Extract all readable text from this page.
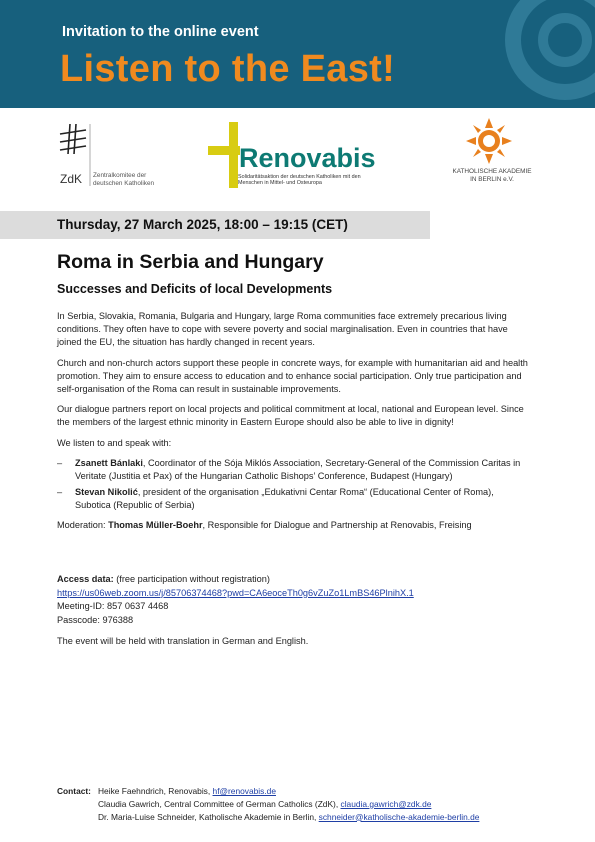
Invitation to the online event
Listen to the East!
ZdK Zentralkomitee der deutschen Katholiken
Renovabis
Solidaritätsaktion der deutschen Katholiken mit den Menschen in Mittel- und Osteuropa
KATHOLISCHE AKADEMIE
IN BERLIN e.V.
Thursday, 27 March 2025, 18:00 – 19:15 (CET)
Roma in Serbia and Hungary
Successes and Deficits of local Developments

In Serbia, Slovakia, Romania, Bulgaria and Hungary, large Roma communities face extremely precarious living conditions. They often have to cope with severe poverty and social marginalisation. Even in countries that have joined the EU, the situation has hardly changed in recent years.

Church and non-church actors support these people in concrete ways, for example with humanitarian aid and health promotion. They aim to ensure access to education and to enhance social participation. Only true participation and self-organisation of the Roma can result in sustainable improvements.

Our dialogue partners report on local projects and political commitment at local, national and European level. Since the members of the largest ethnic minority in Eastern Europe should also be able to live in dignity!

We listen to and speak with:

– Zsanett Bánlaki, Coordinator of the Sója Miklós Association, Secretary-General of the Commission Caritas in Veritate (Justitia et Pax) of the Hungarian Catholic Bishops’ Conference, Budapest (Hungary)
– Stevan Nikolić, president of the organisation „Edukativni Centar Roma“ (Educational Center of Roma), Subotica (Republic of Serbia)

Moderation: Thomas Müller-Boehr, Responsible for Dialogue and Partnership at Renovabis, Freising

Access data: (free participation without registration)
https://us06web.zoom.us/j/85706374468?pwd=CA6eoceTh0g6vZuZo1LmBS46PlnihX.1
Meeting-ID: 857 0637 4468
Passcode: 976388
The event will be held with translation in German and English.
Contact: Heike Faehndrich, Renovabis, hf@renovabis.de
Claudia Gawrich, Central Committee of German Catholics (ZdK), claudia.gawrich@zdk.de
Dr. Maria-Luise Schneider, Katholische Akademie in Berlin, schneider@katholische-akademie-berlin.de
